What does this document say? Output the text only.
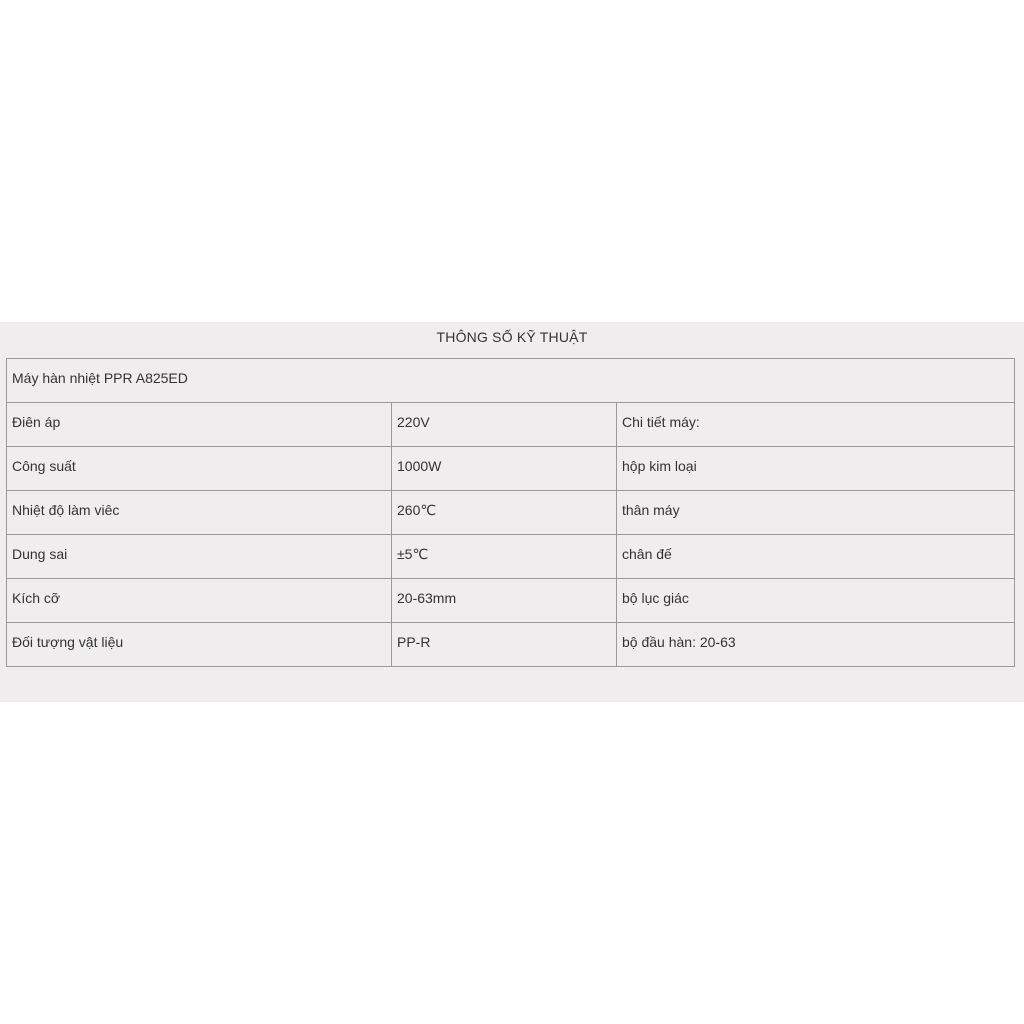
THÔNG SỐ KỸ THUẬT
Máy hàn nhiệt PPR A825ED		

Điên áp	220V	Chi tiết máy:

Công suất	1000W	hộp kim loại

Nhiệt độ làm viêc	260℃	thân máy

Dung sai	±5℃	chân đế

Kích cỡ	20-63mm	bộ lục giác

Đối tượng vật liệu	PP-R	bộ đầu hàn: 20-63
